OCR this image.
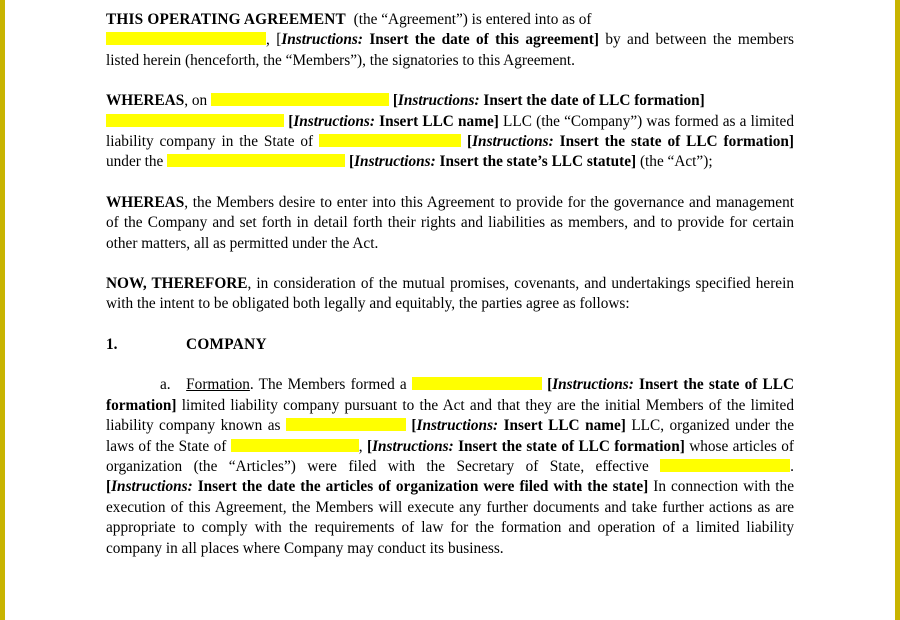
THIS OPERATING AGREEMENT (the “Agreement”) is entered into as of
, [Instructions: Insert the date of this agreement] by and between the members listed herein (henceforth, the “Members”), the signatories to this Agreement.

WHEREAS, on	[Instructions: Insert the date of LLC formation]
[Instructions: Insert LLC name] LLC (the “Company”) was formed as a limited liability company in the State of	[Instructions: Insert the state of LLC formation] under the	[Instructions: Insert the state’s LLC statute] (the “Act”);

WHEREAS, the Members desire to enter into this Agreement to provide for the governance and management of the Company and set forth in detail forth their rights and liabilities as members, and to provide for certain other matters, all as permitted under the Act.

NOW, THEREFORE, in consideration of the mutual promises, covenants, and undertakings specified herein with the intent to be obligated both legally and equitably, the parties agree as follows:

1.	COMPANY

a. Formation. The Members formed a	[Instructions: Insert the state of LLC formation] limited liability company pursuant to the Act and that they are the initial Members of the limited liability company known as	[Instructions: Insert LLC name] LLC, organized under the laws of the State of	, [Instructions: Insert the state of LLC formation] whose articles of organization (the “Articles”) were filed with the Secretary of State, effective	. [Instructions: Insert the date the articles of organization were filed with the state] In connection with the execution of this Agreement, the Members will execute any further documents and take further actions as are appropriate to comply with the requirements of law for the formation and operation of a limited liability company in all places where Company may conduct its business.
